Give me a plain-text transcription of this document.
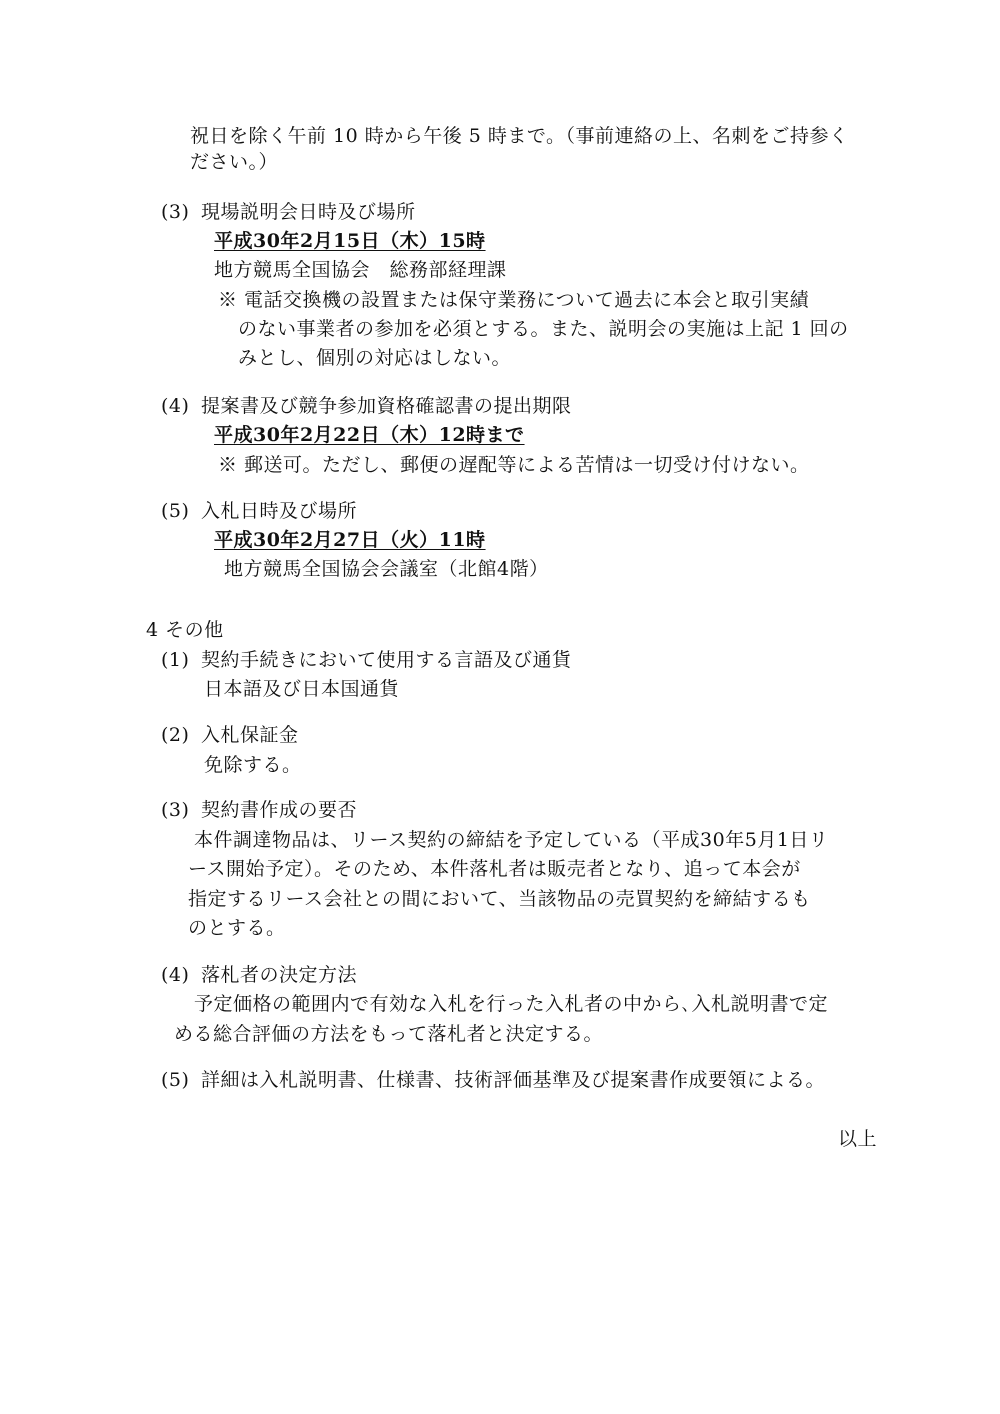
祝日を除く午前 10 時から午後 5 時まで。（事前連絡の上、名刺をご持参く
ださい。）
(3) 現場説明会日時及び場所
平成30年2月15日（木）15時
地方競馬全国協会　総務部経理課
※ 電話交換機の設置または保守業務について過去に本会と取引実績
のない事業者の参加を必須とする。また、説明会の実施は上記 1 回の
みとし、個別の対応はしない。
(4) 提案書及び競争参加資格確認書の提出期限
平成30年2月22日（木）12時まで
※ 郵送可。ただし、郵便の遅配等による苦情は一切受け付けない。
(5) 入札日時及び場所
平成30年2月27日（火）11時
地方競馬全国協会会議室（北館4階）
4 その他
(1) 契約手続きにおいて使用する言語及び通貨
日本語及び日本国通貨
(2) 入札保証金
免除する。
(3) 契約書作成の要否
本件調達物品は、リース契約の締結を予定している（平成30年5月1日リ
ース開始予定）。そのため、本件落札者は販売者となり、追って本会が
指定するリース会社との間において、当該物品の売買契約を締結するも
のとする。
(4) 落札者の決定方法
予定価格の範囲内で有効な入札を行った入札者の中から､入札説明書で定
める総合評価の方法をもって落札者と決定する。
(5) 詳細は入札説明書、仕様書、技術評価基準及び提案書作成要領による。
以上
